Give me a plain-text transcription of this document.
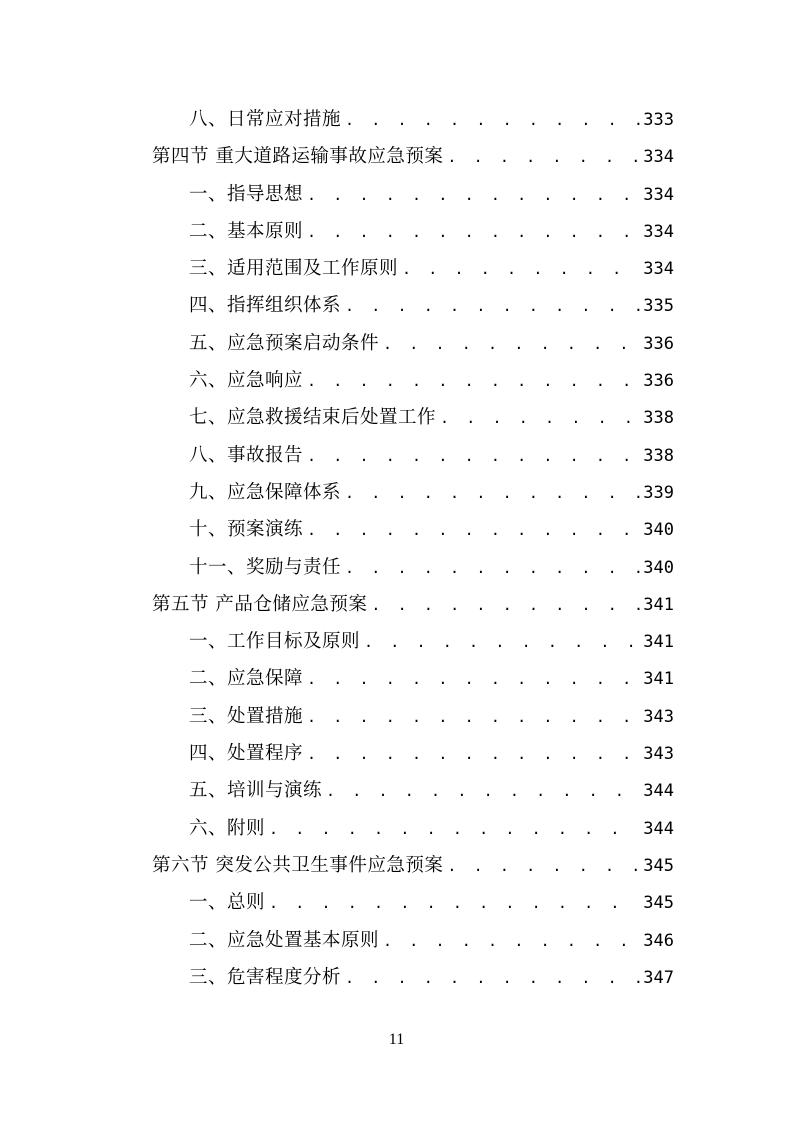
八、日常应对措施 . . .	333
第四节 重大道路运输事故应急预案 . . .	334
一、指导思想 . . .	334
二、基本原则 . . .	334
三、适用范围及工作原则 . . .	334
四、指挥组织体系 . . .	335
五、应急预案启动条件 . . .	336
六、应急响应 . . .	336
七、应急救援结束后处置工作 . . .	338
八、事故报告 . . .	338
九、应急保障体系 . . .	339
十、预案演练 . . .	340
十一、奖励与责任 . . .	340
第五节 产品仓储应急预案 . . .	341
一、工作目标及原则 . . .	341
二、应急保障 . . .	341
三、处置措施 . . .	343
四、处置程序 . . .	343
五、培训与演练 . . .	344
六、附则 . . .	344
第六节 突发公共卫生事件应急预案 . . .	345
一、总则 . . .	345
二、应急处置基本原则 . . .	346
三、危害程度分析 . . .	347
11
